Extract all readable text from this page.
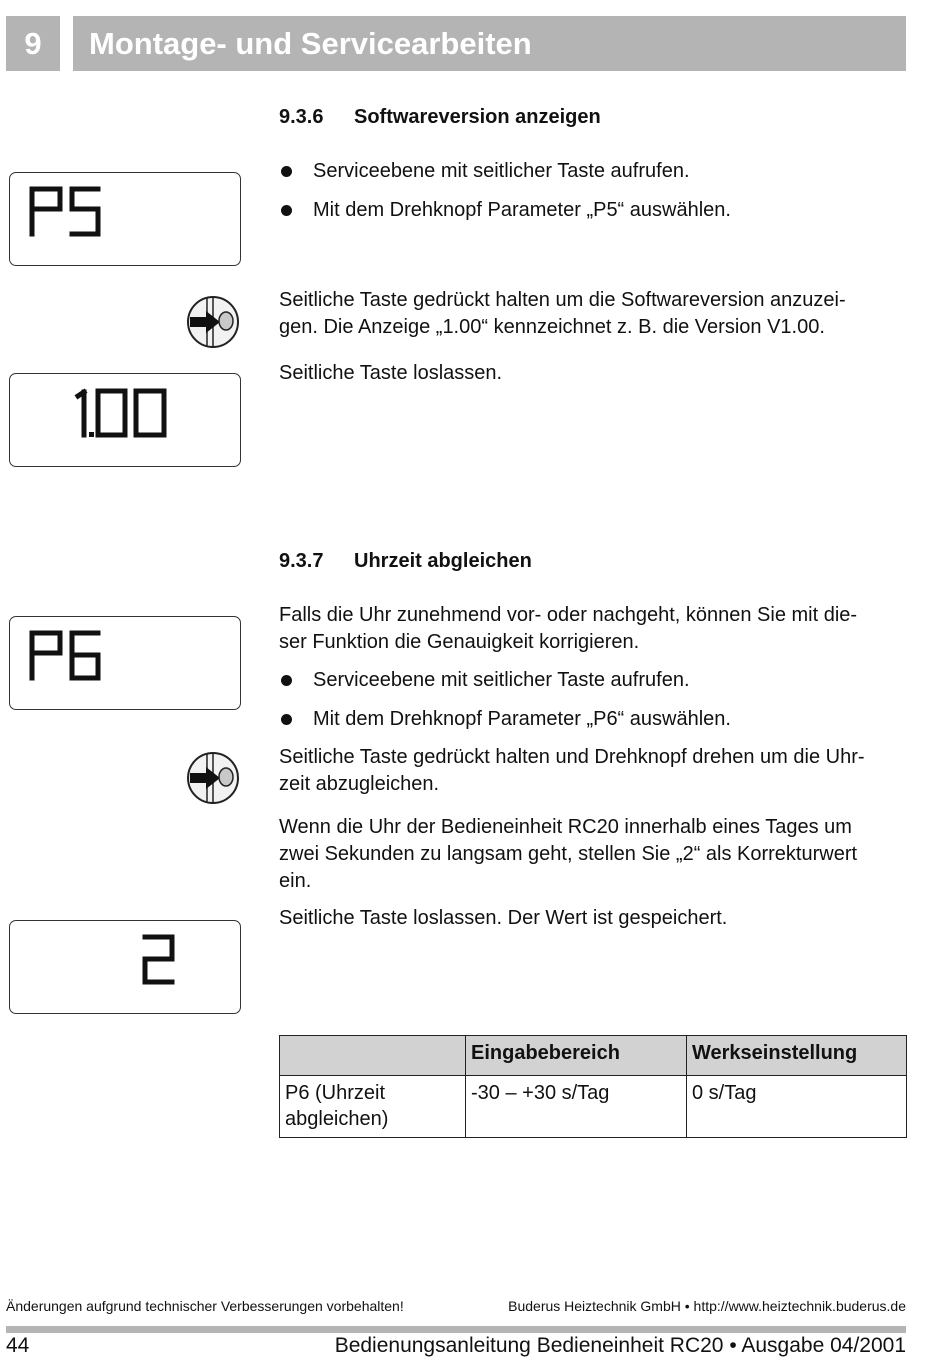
9	Montage- und Servicearbeiten
9.3.6 Softwareversion anzeigen
Serviceebene mit seitlicher Taste aufrufen.
Mit dem Drehknopf Parameter „P5“ auswählen.
Seitliche Taste gedrückt halten um die Softwareversion anzuzei-
gen. Die Anzeige „1.00“ kennzeichnet z. B. die Version V1.00.
Seitliche Taste loslassen.
9.3.7 Uhrzeit abgleichen
Falls die Uhr zunehmend vor- oder nachgeht, können Sie mit die-
ser Funktion die Genauigkeit korrigieren.
Serviceebene mit seitlicher Taste aufrufen.
Mit dem Drehknopf Parameter „P6“ auswählen.
Seitliche Taste gedrückt halten und Drehknopf drehen um die Uhr-
zeit abzugleichen.
Wenn die Uhr der Bedieneinheit RC20 innerhalb eines Tages um
zwei Sekunden zu langsam geht, stellen Sie „2“ als Korrekturwert
ein.
Seitliche Taste loslassen. Der Wert ist gespeichert.
	Eingabebereich	Werkseinstellung

P6 (Uhrzeit
abgleichen)	-30 – +30 s/Tag	0 s/Tag
Änderungen aufgrund technischer Verbesserungen vorbehalten!	Buderus Heiztechnik GmbH • http://www.heiztechnik.buderus.de
44	Bedienungsanleitung Bedieneinheit RC20 • Ausgabe 04/2001
